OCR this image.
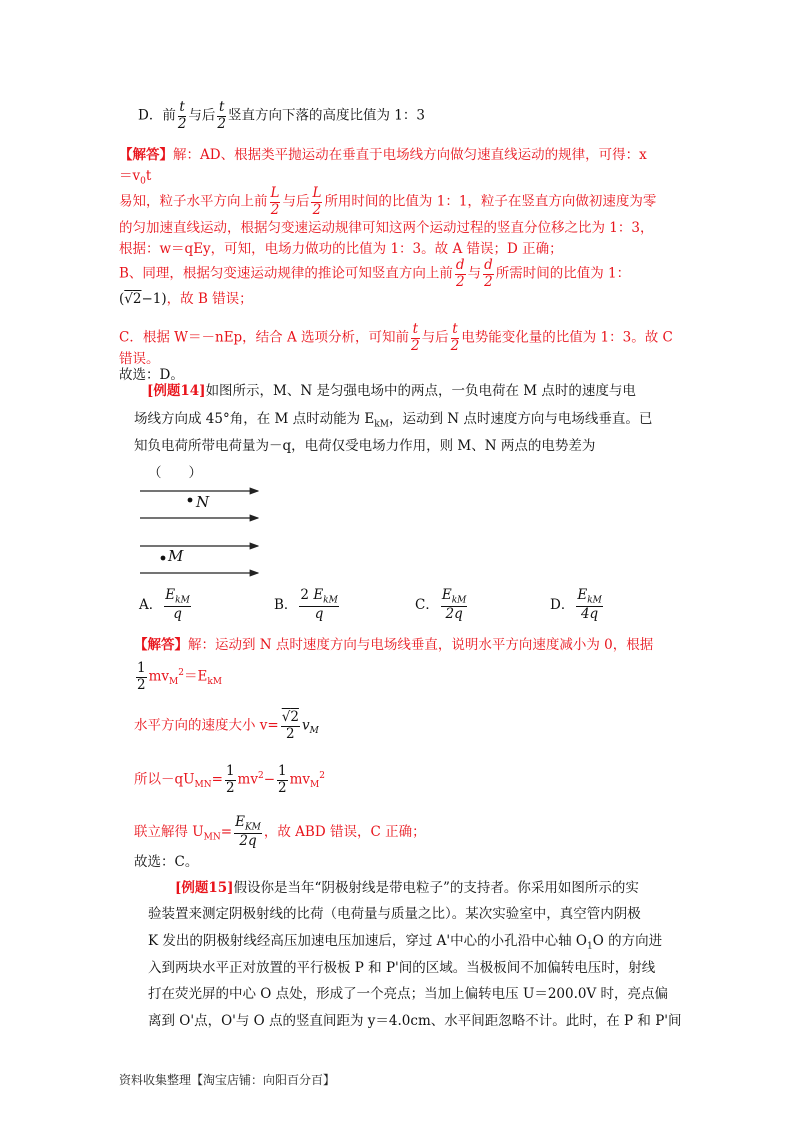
D．前 $\frac{t}{2}$ 与后 $\frac{t}{2}$ 竖直方向下落的高度比值为 1：3
【解答】解：AD、根据类平抛运动在垂直于电场线方向做匀速直线运动的规律，可得：x
$=v_0t$
易知，粒子水平方向上前 $\frac{L}{2}$ 与后 $\frac{L}{2}$ 所用时间的比值为 1：1，粒子在竖直方向做初速度为零
的匀加速直线运动，根据匀变速运动规律可知这两个运动过程的竖直分位移之比为 1：3，
根据：w＝qEy，可知，电场力做功的比值为 1：3。故 A 错误；D 正确；
B、同理，根据匀变速运动规律的推论可知竖直方向上前 $\frac{d}{2}$ 与 $\frac{d}{2}$ 所需时间的比值为 1：
(√2−1)，故 B 错误；
C．根据 W＝－nEp，结合 A 选项分析，可知前 $\frac{t}{2}$ 与后 $\frac{t}{2}$ 电势能变化量的比值为 1：3。故 C
错误。
故选：D。
[例题14]如图所示，M、N 是匀强电场中的两点，一负电荷在 M 点时的速度与电
场线方向成 45°角，在 M 点时动能为 $E_{kM}$，运动到 N 点时速度方向与电场线垂直。已
知负电荷所带电荷量为－q，电荷仅受电场力作用，则 M、N 两点的电势差为
（　　）
N
M
A．
$E_{kM}$
q
B．
2 $E_{kM}$
q
C．
$E_{kM}$
2q
D．
$E_{kM}$
4q
【解答】解：运动到 N 点时速度方向与电场线垂直，说明水平方向速度减小为 0，根据
$\frac{1}{2} mv_M^2=E_{kM}$
水平方向的速度大小 $v= \frac{√2}{2} v_M$
所以$-qU_{MN}= \frac{1}{2} mv^2- \frac{1}{2} mv_M^2$
联立解得 $U_{MN}=$
$E_{KM}$
2q
，故 ABD 错误，C 正确；
故选：C。
[例题15]假设你是当年“阴极射线是带电粒子”的支持者。你采用如图所示的实
验装置来测定阴极射线的比荷（电荷量与质量之比）。某次实验室中，真空管内阴极
K 发出的阴极射线经高压加速电压加速后，穿过 A'中心的小孔沿中心轴 $O_1O$ 的方向进
入到两块水平正对放置的平行极板 P 和 P'间的区域。当极板间不加偏转电压时，射线
打在荧光屏的中心 O 点处，形成了一个亮点；当加上偏转电压 U＝200.0V 时，亮点偏
离到 O'点，O'与 O 点的竖直间距为 y＝4.0cm、水平间距忽略不计。此时，在 P 和 P'间
资料收集整理【淘宝店铺：向阳百分百】
